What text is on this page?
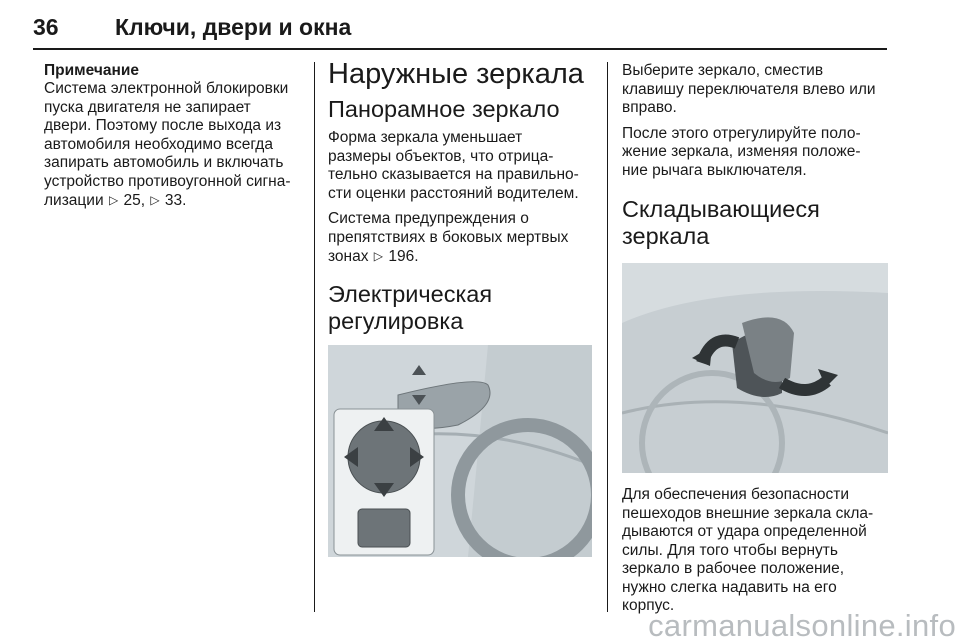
36 Ключи, двери и окна
Примечание

Система электронной блокировки

пуска двигателя не запирает

двери. Поэтому после выхода из

автомобиля необходимо всегда

запирать автомобиль и включать

устройство противоугонной сигна-

лизации ▷ 25, ▷ 33.

Наружные зеркала
Панорамное зеркало

Форма зеркала уменьшает

размеры объектов, что отрица-

тельно сказывается на правильно-

сти оценки расстояний водителем.

Система предупреждения о

препятствиях в боковых мертвых

зонах ▷ 196.

Электрическая
регулировка

Выберите зеркало, сместив

клавишу переключателя влево или

вправо.

После этого отрегулируйте поло-

жение зеркала, изменяя положе-

ние рычага выключателя.

Складывающиеся
зеркала

Для обеспечения безопасности

пешеходов внешние зеркала скла-

дываются от удара определенной

силы. Для того чтобы вернуть

зеркало в рабочее положение,

нужно слегка надавить на его

корпус.

carmanualsonline.info
